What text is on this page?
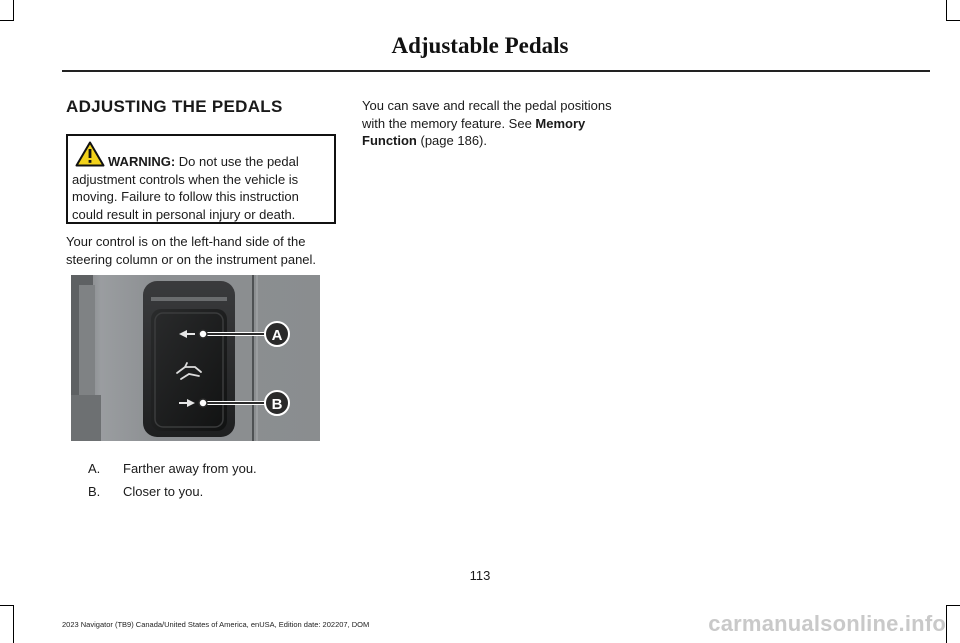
Adjustable Pedals
ADJUSTING THE PEDALS
WARNING: Do not use the pedal adjustment controls when the vehicle is moving. Failure to follow this instruction could result in personal injury or death.
Your control is on the left-hand side of the steering column or on the instrument panel.
You can save and recall the pedal positions with the memory feature. See Memory Function (page 186).
A
B
A. Farther away from you.
B. Closer to you.
113
2023 Navigator (TB9) Canada/United States of America, enUSA, Edition date: 202207, DOM	carmanualsonline.info
